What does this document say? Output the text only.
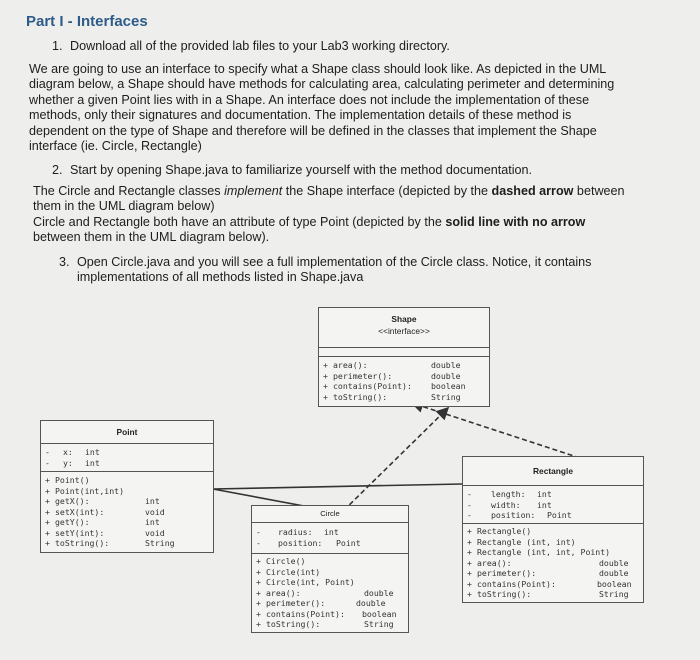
Part I - Interfaces
1. Download all of the provided lab files to your Lab3 working directory.
We are going to use an interface to specify what a Shape class should look like. As depicted in the UML
diagram below, a Shape should have methods for calculating area, calculating perimeter and determining
whether a given Point lies with in a Shape. An interface does not include the implementation of these
methods, only their signatures and documentation. The implementation details of these method is
dependent on the type of Shape and therefore will be defined in the classes that implement the Shape
interface (ie. Circle, Rectangle)
2. Start by opening Shape.java to familiarize yourself with the method documentation.
The Circle and Rectangle classes implement the Shape interface (depicted by the dashed arrow between
them in the UML diagram below)
Circle and Rectangle both have an attribute of type Point (depicted by the solid line with no arrow
between them in the UML diagram below).
3. Open Circle.java and you will see a full implementation of the Circle class. Notice, it contains
implementations of all methods listed in Shape.java
Shape
<<interface>>
+ area():	double
+ perimeter():	double
+ contains(Point): boolean
+ toString():	String
Point
- x: int
- y: int
+ Point()
+ Point(int,int)
+ getX():	int
+ setX(int):	void
+ getY():	int
+ setY(int):	void
+ toString():	String
Circle
- radius: int
- position: Point
+ Circle()
+ Circle(int)
+ Circle(int, Point)
+ area():	double
+ perimeter():	double
+ contains(Point): boolean
+ toString():	String
Rectangle
- length: int
- width: int
- position: Point
+ Rectangle()
+ Rectangle (int, int)
+ Rectangle (int, int, Point)
+ area():	double
+ perimeter():	double
+ contains(Point):	boolean
+ toString():	String
